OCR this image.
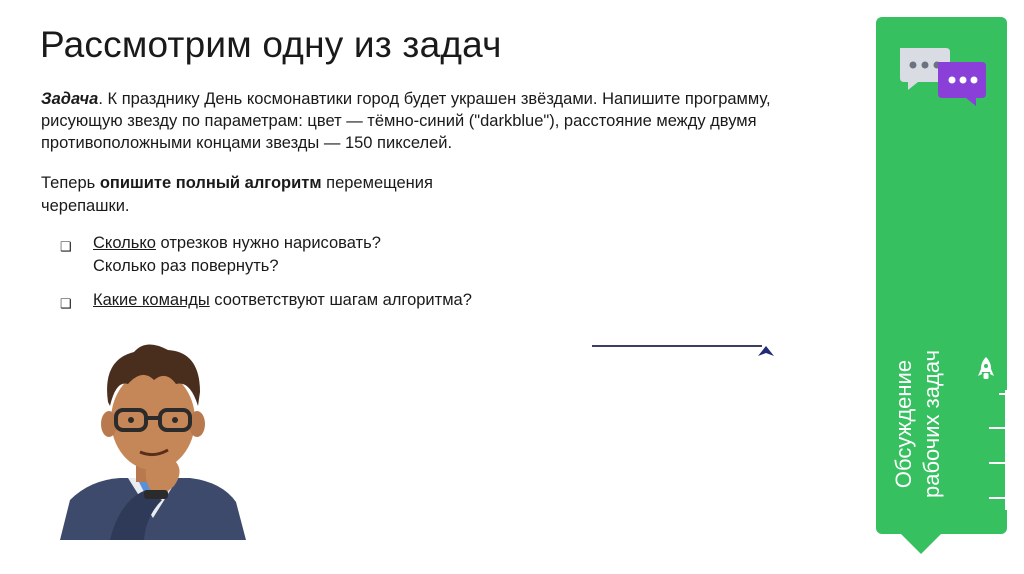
Рассмотрим одну из задач

Задача. К празднику День космонавтики город будет украшен звёздами. Напишите программу, рисующую звезду по параметрам: цвет — тёмно-синий ("darkblue"), расстояние между двумя противоположными концами звезды — 150 пикселей.

Теперь опишите полный алгоритм перемещения черепашки.

❑ Сколько отрезков нужно нарисовать?
Сколько раз повернуть?
❑ Какие команды соответствуют шагам алгоритма?
Обсуждение рабочих задач
